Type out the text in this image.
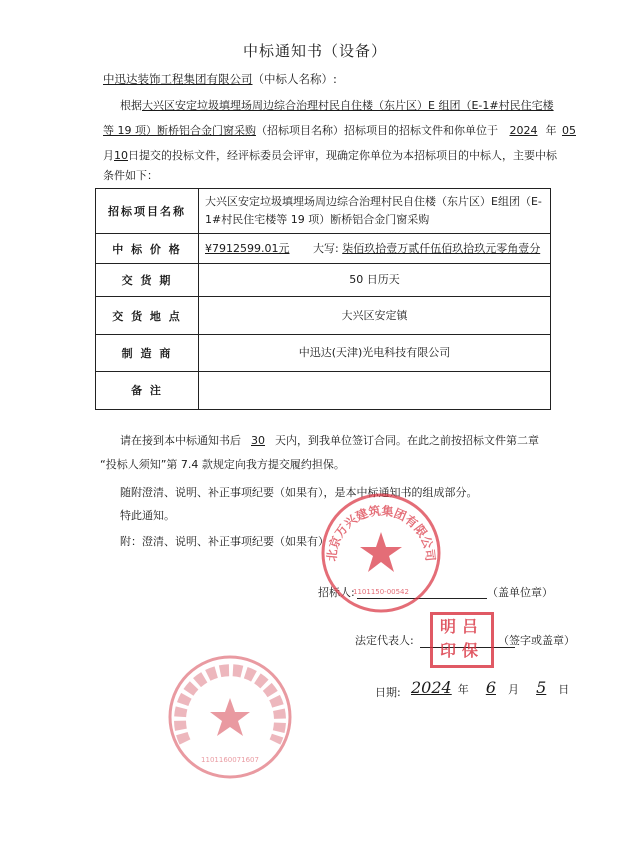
中标通知书（设备）
中迅达装饰工程集团有限公司（中标人名称）:
根据大兴区安定垃圾填埋场周边综合治理村民自住楼（东片区）E 组团（E-1#村民住宅楼
等 19 项）断桥铝合金门窗采购（招标项目名称）招标项目的招标文件和你单位于 2024 年 05
月10日提交的投标文件，经评标委员会评审，现确定你单位为本招标项目的中标人，主要中标
条件如下：
招标项目名称	大兴区安定垃圾填埋场周边综合治理村民自住楼（东片区）E组团（E-1#村民住宅楼等 19 项）断桥铝合金门窗采购
中 标 价 格	¥7912599.01元 大写: 柒佰玖拾壹万贰仟伍佰玖拾玖元零角壹分
交 货 期	50 日历天
交 货 地 点	大兴区安定镇
制 造 商	中迅达(天津)光电科技有限公司
备 注	
请在接到本中标通知书后 30 天内，到我单位签订合同。在此之前按招标文件第二章
“投标人须知”第 7.4 款规定向我方提交履约担保。
随附澄清、说明、补正事项纪要（如果有），是本中标通知书的组成部分。
特此通知。
附：澄清、说明、补正事项纪要（如果有）
招标人:	（盖单位章）
法定代表人:	（签字或盖章）
日期: 2024 年 6 月 5 日
北京万兴建筑集团有限公司
1101150-00542
明吕印保
1101160071607
